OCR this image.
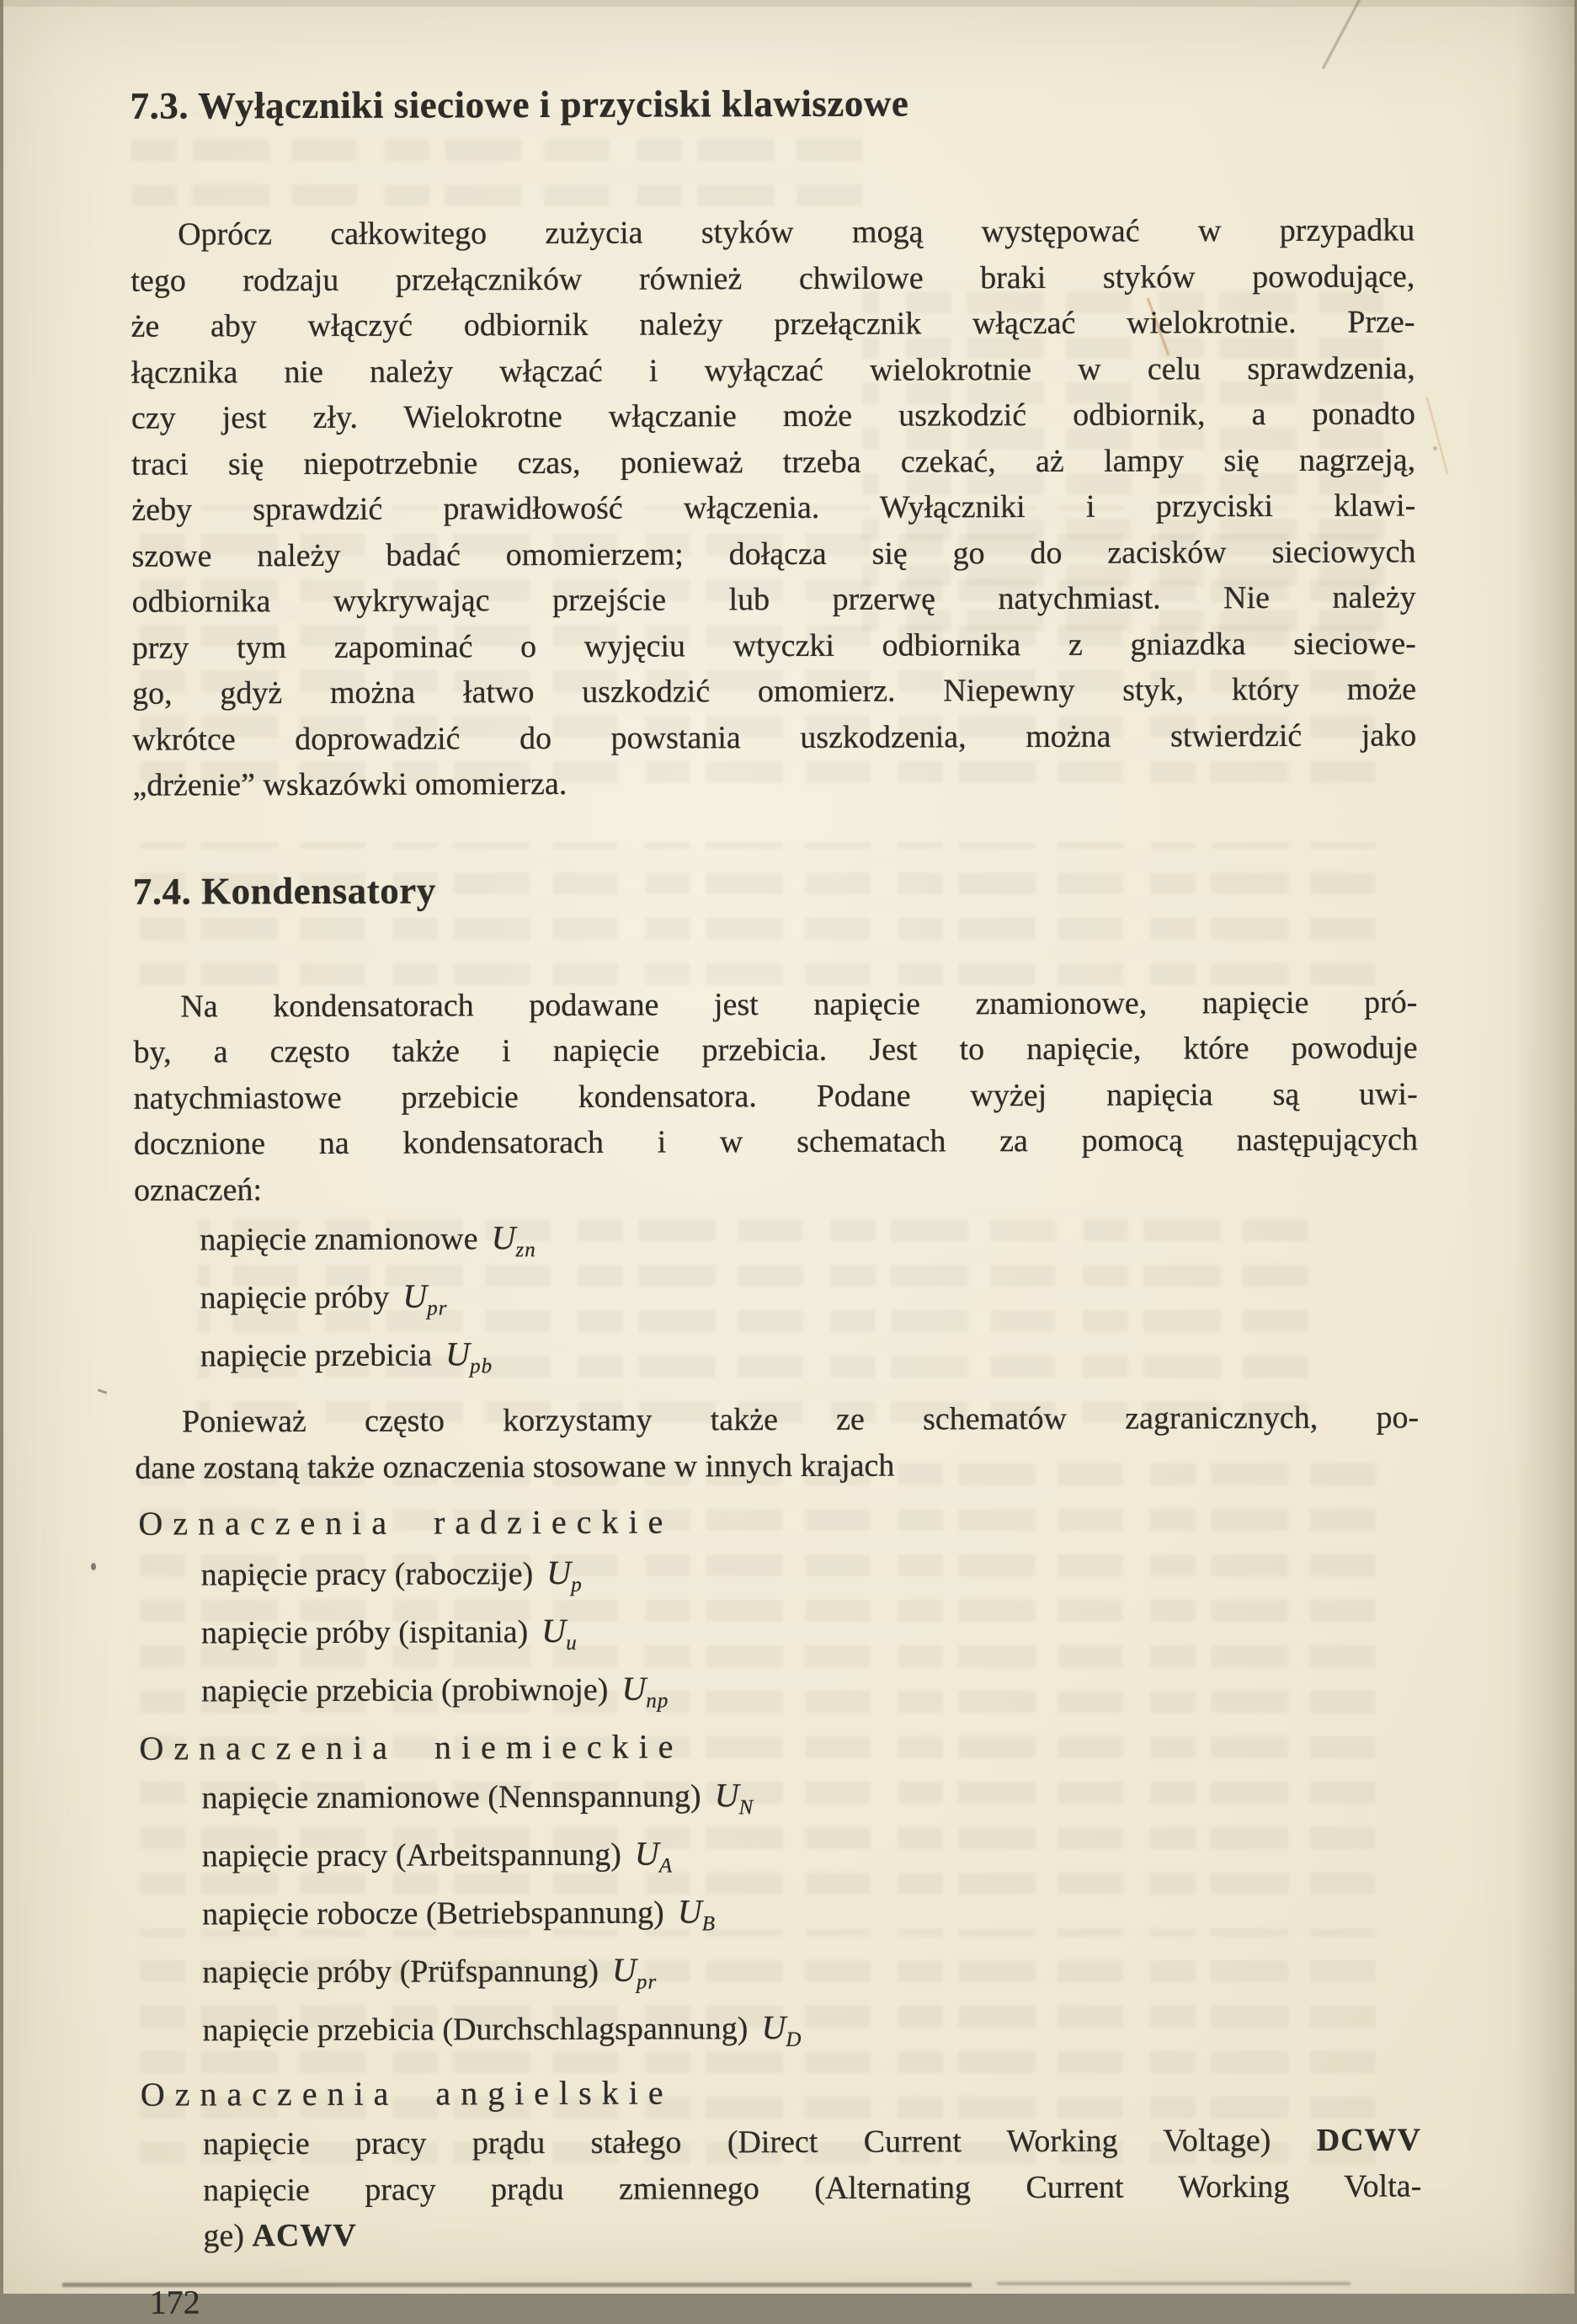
7.3. Wyłączniki sieciowe i przyciski klawiszowe
Oprócz całkowitego zużycia styków mogą występować w przypadku
tego rodzaju przełączników również chwilowe braki styków powodujące,
że aby włączyć odbiornik należy przełącznik włączać wielokrotnie. Prze-
łącznika nie należy włączać i wyłączać wielokrotnie w celu sprawdzenia,
czy jest zły. Wielokrotne włączanie może uszkodzić odbiornik, a ponadto
traci się niepotrzebnie czas, ponieważ trzeba czekać, aż lampy się nagrzeją,
żeby sprawdzić prawidłowość włączenia. Wyłączniki i przyciski klawi-
szowe należy badać omomierzem; dołącza się go do zacisków sieciowych
odbiornika wykrywając przejście lub przerwę natychmiast. Nie należy
przy tym zapominać o wyjęciu wtyczki odbiornika z gniazdka sieciowe-
go, gdyż można łatwo uszkodzić omomierz. Niepewny styk, który może
wkrótce doprowadzić do powstania uszkodzenia, można stwierdzić jako
„drżenie” wskazówki omomierza.
7.4. Kondensatory
Na kondensatorach podawane jest napięcie znamionowe, napięcie pró-
by, a często także i napięcie przebicia. Jest to napięcie, które powoduje
natychmiastowe przebicie kondensatora. Podane wyżej napięcia są uwi-
docznione na kondensatorach i w schematach za pomocą następujących
oznaczeń:
napięcie znamionowe $U_{zn}$
napięcie próby $U_{pr}$
napięcie przebicia $U_{pb}$
Ponieważ często korzystamy także ze schematów zagranicznych, po-
dane zostaną także oznaczenia stosowane w innych krajach
Oznaczenia radzieckie
napięcie pracy (raboczije) $U_p$
napięcie próby (ispitania) $U_u$
napięcie przebicia (probiwnoje) $U_{np}$
Oznaczenia niemieckie
napięcie znamionowe (Nennspannung) $U_N$
napięcie pracy (Arbeitspannung) $U_A$
napięcie robocze (Betriebspannung) $U_B$
napięcie próby (Prüfspannung) $U_{pr}$
napięcie przebicia (Durchschlagspannung) $U_D$
Oznaczenia angielskie
napięcie pracy prądu stałego (Direct Current Working Voltage) DCWV
napięcie pracy prądu zmiennego (Alternating Current Working Volta-
ge) ACWV
172
